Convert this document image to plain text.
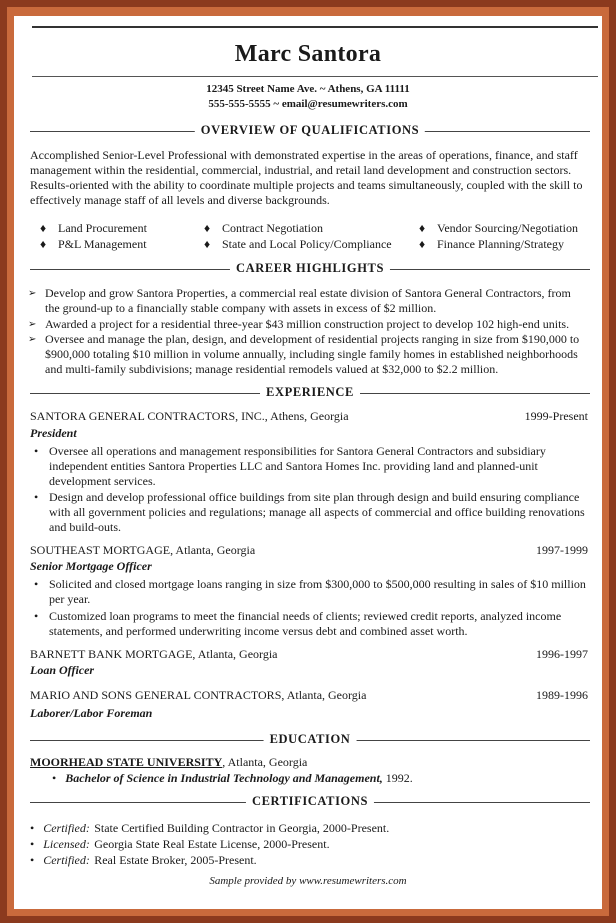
Marc Santora
12345 Street Name Ave. ~ Athens, GA 11111
555-555-5555 ~ email@resumewriters.com
OVERVIEW OF QUALIFICATIONS
Accomplished Senior-Level Professional with demonstrated expertise in the areas of operations, finance, and staff
management within the residential, commercial, industrial, and retail land development and construction sectors.
Results-oriented with the ability to coordinate multiple projects and teams simultaneously, coupled with the skill to
effectively manage staff of all levels and diverse backgrounds.
♦ Land Procurement	♦ Contract Negotiation	♦ Vendor Sourcing/Negotiation
♦ P&L Management	♦ State and Local Policy/Compliance ♦ Finance Planning/Strategy
CAREER HIGHLIGHTS
➢ Develop and grow Santora Properties, a commercial real estate division of Santora General Contractors, from
the ground-up to a financially stable company with assets in excess of $2 million.
➢ Awarded a project for a residential three-year $43 million construction project to develop 102 high-end units.
➢ Oversee and manage the plan, design, and development of residential projects ranging in size from $190,000 to
$900,000 totaling $10 million in volume annually, including single family homes in established neighborhoods
and multi-family subdivisions; manage residential remodels valued at $32,000 to $2.2 million.
EXPERIENCE
SANTORA GENERAL CONTRACTORS, INC., Athens, Georgia	1999-Present
President
• Oversee all operations and management responsibilities for Santora General Contractors and subsidiary
independent entities Santora Properties LLC and Santora Homes Inc. providing land and planned-unit
development services.
• Design and develop professional office buildings from site plan through design and build ensuring compliance
with all government policies and regulations; manage all aspects of commercial and office building renovations
and build-outs.
SOUTHEAST MORTGAGE, Atlanta, Georgia	1997-1999
Senior Mortgage Officer
• Solicited and closed mortgage loans ranging in size from $300,000 to $500,000 resulting in sales of $10 million
per year.
• Customized loan programs to meet the financial needs of clients; reviewed credit reports, analyzed income
statements, and performed underwriting income versus debt and combined asset worth.
BARNETT BANK MORTGAGE, Atlanta, Georgia	1996-1997
Loan Officer
MARIO AND SONS GENERAL CONTRACTORS, Atlanta, Georgia	1989-1996
Laborer/Labor Foreman
EDUCATION
MOORHEAD STATE UNIVERSITY, Atlanta, Georgia
•   Bachelor of Science in Industrial Technology and Management, 1992.
CERTIFICATIONS
•   Certified: State Certified Building Contractor in Georgia, 2000-Present.
•   Licensed: Georgia State Real Estate License, 2000-Present.
•   Certified: Real Estate Broker, 2005-Present.
Sample provided by www.resumewriters.com
